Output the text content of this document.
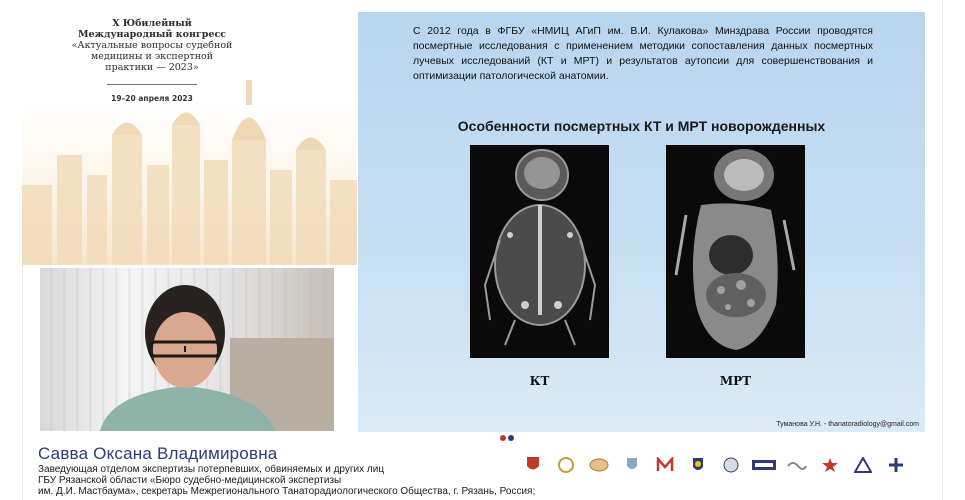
X Юбилейный
Международный конгресс
«Актуальные вопросы судебной
медицины и экспертной
практики — 2023»
19–20 апреля 2023
С 2012 года в ФГБУ «НМИЦ АГиП им. В.И. Кулакова» Минздрава России проводятся посмертные исследования с применением методики сопоставления данных посмертных лучевых исследований (КТ и МРТ) и результатов аутопсии для совершенствования и оптимизации патологической анатомии.
Особенности посмертных КТ и МРТ новорожденных
КТ	МРТ
Туманова У.Н. - thanatoradiology@gmail.com
Савва Оксана Владимировна
Заведующая отделом экспертизы потерпевших, обвиняемых и других лиц
ГБУ Рязанской области «Бюро судебно-медицинской экспертизы
им. Д.И. Мастбаума», секретарь Межрегионального Танаторадиологического Общества, г. Рязань, Россия;
